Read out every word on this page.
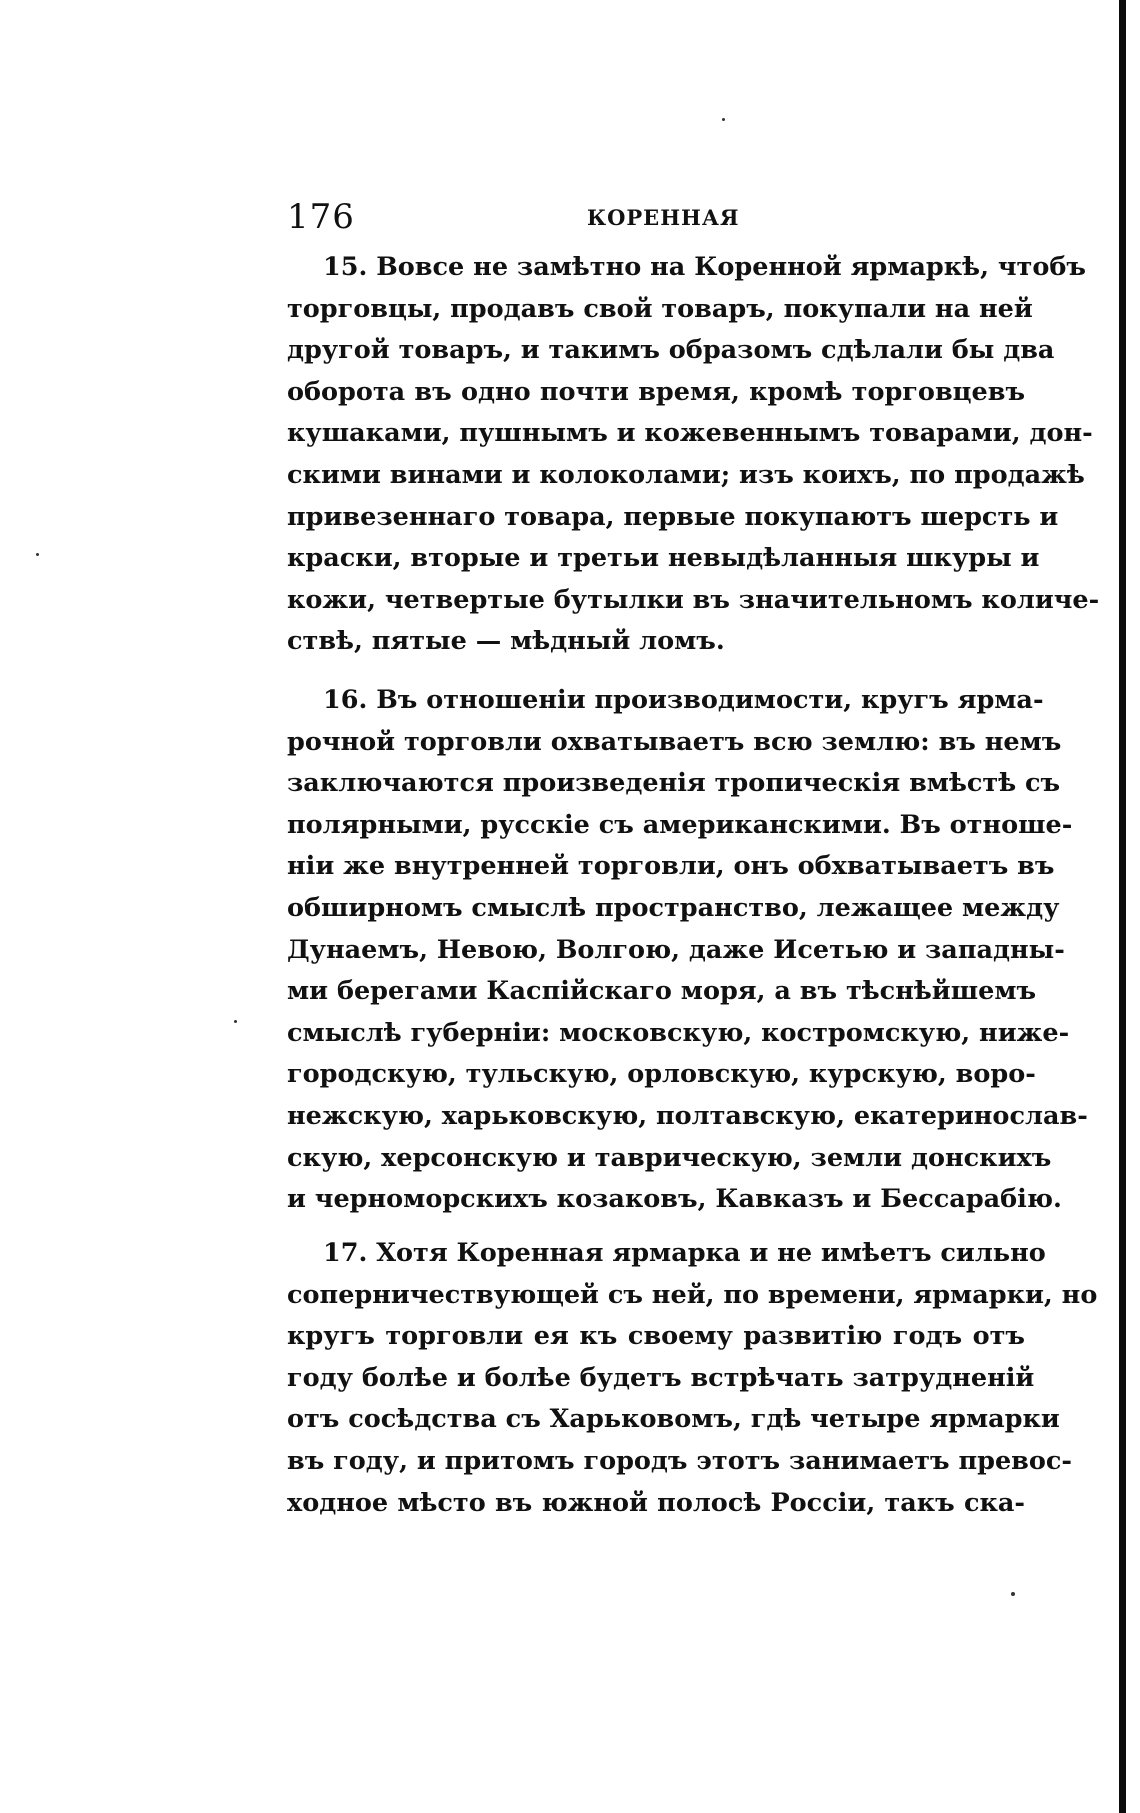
176	КОРЕННАЯ
15. Вовсе не замѣтно на Коренной ярмаркѣ, чтобъ
торговцы, продавъ свой товаръ, покупали на ней
другой товаръ, и такимъ образомъ сдѣлали бы два
оборота въ одно почти время, кромѣ торговцевъ
кушаками, пушнымъ и кожевеннымъ товарами, дон-
скими винами и колоколами; изъ коихъ, по продажѣ
привезеннаго товара, первые покупаютъ шерсть и
краски, вторые и третьи невыдѣланныя шкуры и
кожи, четвертые бутылки въ значительномъ количе-
ствѣ, пятые — мѣдный ломъ.
16. Въ отношеніи производимости, кругъ ярма-
рочной торговли охватываетъ всю землю: въ немъ
заключаются произведенія тропическія вмѣстѣ съ
полярными, русскіе съ американскими. Въ отноше-
ніи же внутренней торговли, онъ обхватываетъ въ
обширномъ смыслѣ пространство, лежащее между
Дунаемъ, Невою, Волгою, даже Исетью и западны-
ми берегами Каспійскаго моря, а въ тѣснѣйшемъ
смыслѣ губерніи: московскую, костромскую, ниже-
городскую, тульскую, орловскую, курскую, воро-
нежскую, харьковскую, полтавскую, екатеринослав-
скую, херсонскую и таврическую, земли донскихъ
и черноморскихъ козаковъ, Кавказъ и Бессарабію.
17. Хотя Коренная ярмарка и не имѣетъ сильно
соперничествующей съ ней, по времени, ярмарки, но
кругъ торговли ея къ своему развитію годъ отъ
году болѣе и болѣе будетъ встрѣчать затрудненій
отъ сосѣдства съ Харьковомъ, гдѣ четыре ярмарки
въ году, и притомъ городъ этотъ занимаетъ превос-
ходное мѣсто въ южной полосѣ Россіи, такъ ска-
